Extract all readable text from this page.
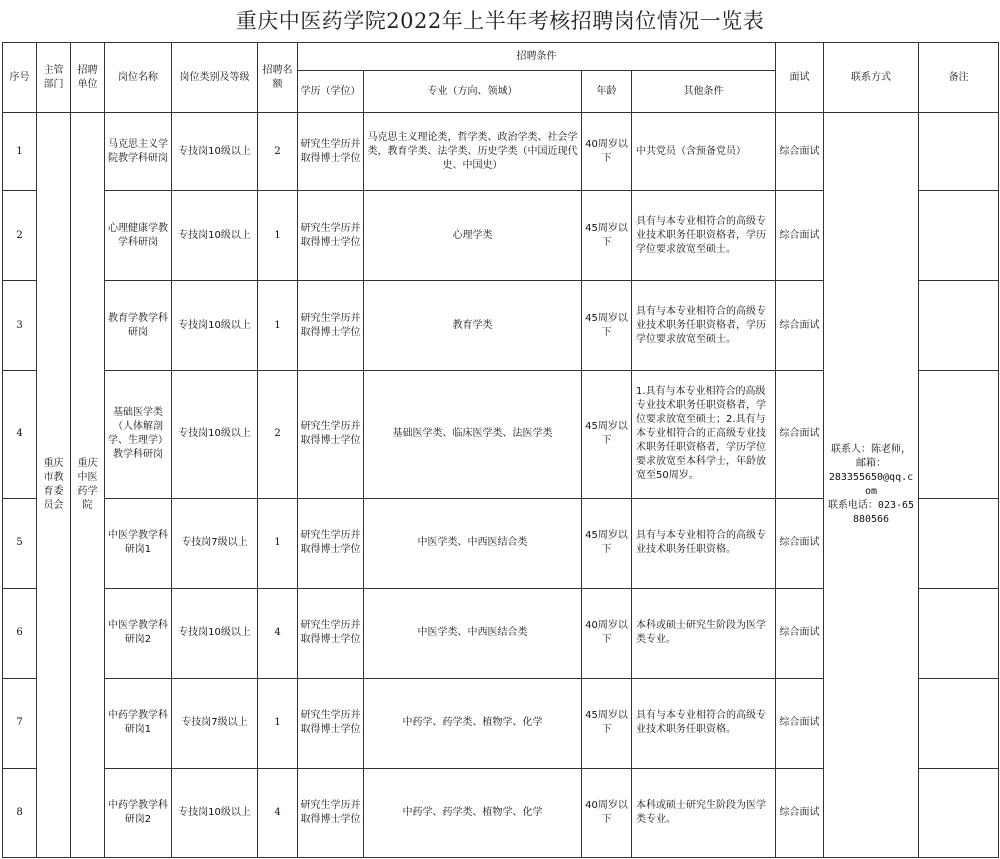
重庆中医药学院2022年上半年考核招聘岗位情况一览表
序号	主管部门	招聘单位	岗位名称	岗位类别及等级	招聘名额	招聘条件				面试	联系方式	备注
						学历（学位）	专业（方向、领域）	年龄	其他条件			
1	重庆市教育委员会	重庆中医药学院	马克思主义学院教学科研岗	专技岗10级以上	2	研究生学历并取得博士学位	马克思主义理论类，哲学类、政治学类、社会学类，教育学类、法学类、历史学类（中国近现代史、中国史）	40周岁以下	中共党员（含预备党员）	综合面试	联系人：陈老师，
邮箱：
283355650@qq.com
联系电话：023-65880566	

2			心理健康学教学科研岗	专技岗10级以上	1	研究生学历并取得博士学位	心理学类	45周岁以下	具有与本专业相符合的高级专业技术职务任职资格者，学历学位要求放宽至硕士。	综合面试		
3			教育学教学科研岗	专技岗10级以上	1	研究生学历并取得博士学位	教育学类	45周岁以下	具有与本专业相符合的高级专业技术职务任职资格者，学历学位要求放宽至硕士。	综合面试		
4			基础医学类（人体解剖学、生理学）教学科研岗	专技岗10级以上	2	研究生学历并取得博士学位	基础医学类、临床医学类、法医学类	45周岁以下	1.具有与本专业相符合的高级专业技术职务任职资格者，学位要求放宽至硕士；2.具有与本专业相符合的正高级专业技术职务任职资格者，学历学位要求放宽至本科学士，年龄放宽至50周岁。	综合面试		
5			中医学教学科研岗1	专技岗7级以上	1	研究生学历并取得博士学位	中医学类、中西医结合类	45周岁以下	具有与本专业相符合的高级专业技术职务任职资格。	综合面试		
6			中医学教学科研岗2	专技岗10级以上	4	研究生学历并取得博士学位	中医学类、中西医结合类	40周岁以下	本科或硕士研究生阶段为医学类专业。	综合面试		
7			中药学教学科研岗1	专技岗7级以上	1	研究生学历并取得博士学位	中药学、药学类、植物学、化学	45周岁以下	具有与本专业相符合的高级专业技术职务任职资格。	综合面试		
8			中药学教学科研岗2	专技岗10级以上	4	研究生学历并取得博士学位	中药学、药学类、植物学、化学	40周岁以下	本科或硕士研究生阶段为医学类专业。	综合面试		
